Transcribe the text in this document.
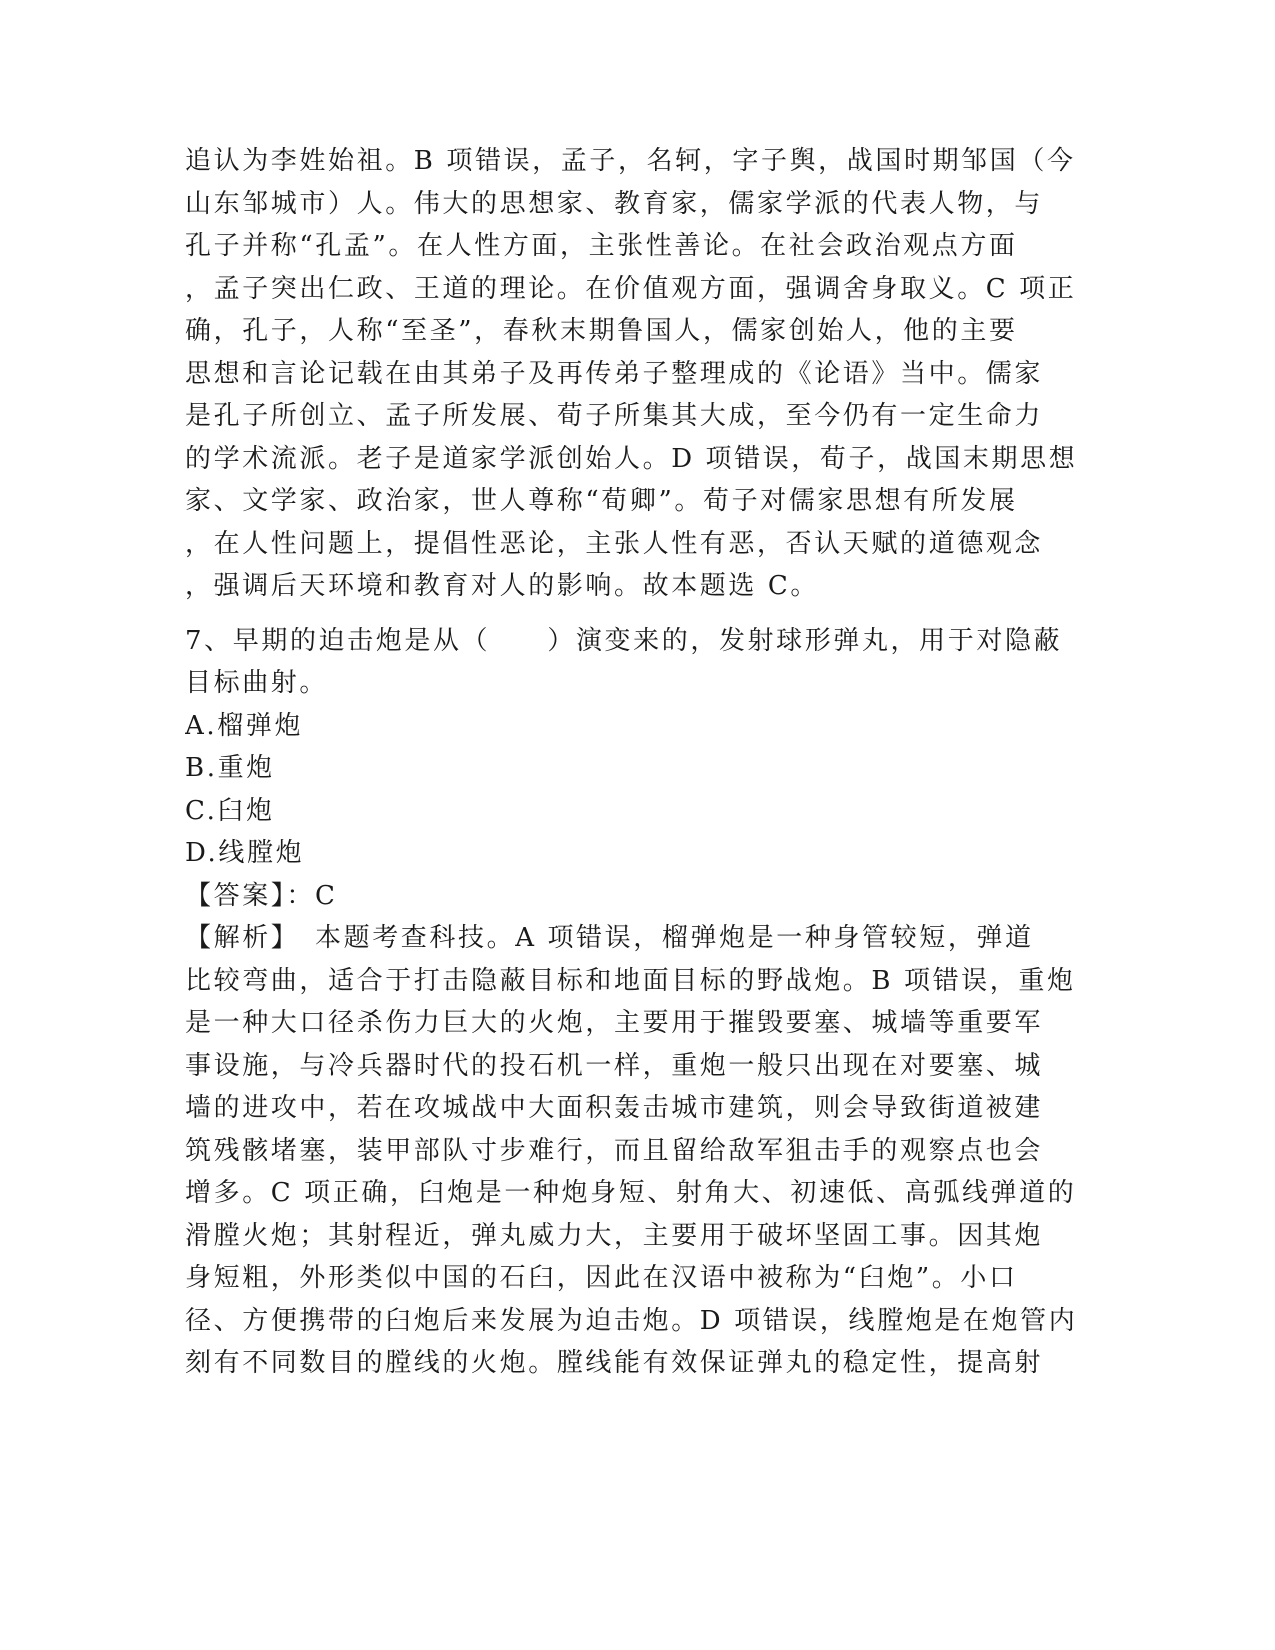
追认为李姓始祖。B 项错误，孟子，名轲，字子舆，战国时期邹国（今
山东邹城市）人。伟大的思想家、教育家，儒家学派的代表人物，与
孔子并称“孔孟”。在人性方面，主张性善论。在社会政治观点方面
，孟子突出仁政、王道的理论。在价值观方面，强调舍身取义。C 项正
确，孔子，人称“至圣”，春秋末期鲁国人，儒家创始人，他的主要
思想和言论记载在由其弟子及再传弟子整理成的《论语》当中。儒家
是孔子所创立、孟子所发展、荀子所集其大成，至今仍有一定生命力
的学术流派。老子是道家学派创始人。D 项错误，荀子，战国末期思想
家、文学家、政治家，世人尊称“荀卿”。荀子对儒家思想有所发展
，在人性问题上，提倡性恶论，主张人性有恶，否认天赋的道德观念
，强调后天环境和教育对人的影响。故本题选 C。
7、早期的迫击炮是从（　　）演变来的，发射球形弹丸，用于对隐蔽
目标曲射。
A.榴弹炮
B.重炮
C.臼炮
D.线膛炮
【答案】：C
【解析】　本题考查科技。A 项错误，榴弹炮是一种身管较短，弹道
比较弯曲，适合于打击隐蔽目标和地面目标的野战炮。B 项错误，重炮
是一种大口径杀伤力巨大的火炮，主要用于摧毁要塞、城墙等重要军
事设施，与冷兵器时代的投石机一样，重炮一般只出现在对要塞、城
墙的进攻中，若在攻城战中大面积轰击城市建筑，则会导致街道被建
筑残骸堵塞，装甲部队寸步难行，而且留给敌军狙击手的观察点也会
增多。C 项正确，臼炮是一种炮身短、射角大、初速低、高弧线弹道的
滑膛火炮；其射程近，弹丸威力大，主要用于破坏坚固工事。因其炮
身短粗，外形类似中国的石臼，因此在汉语中被称为“臼炮”。小口
径、方便携带的臼炮后来发展为迫击炮。D 项错误，线膛炮是在炮管内
刻有不同数目的膛线的火炮。膛线能有效保证弹丸的稳定性，提高射
